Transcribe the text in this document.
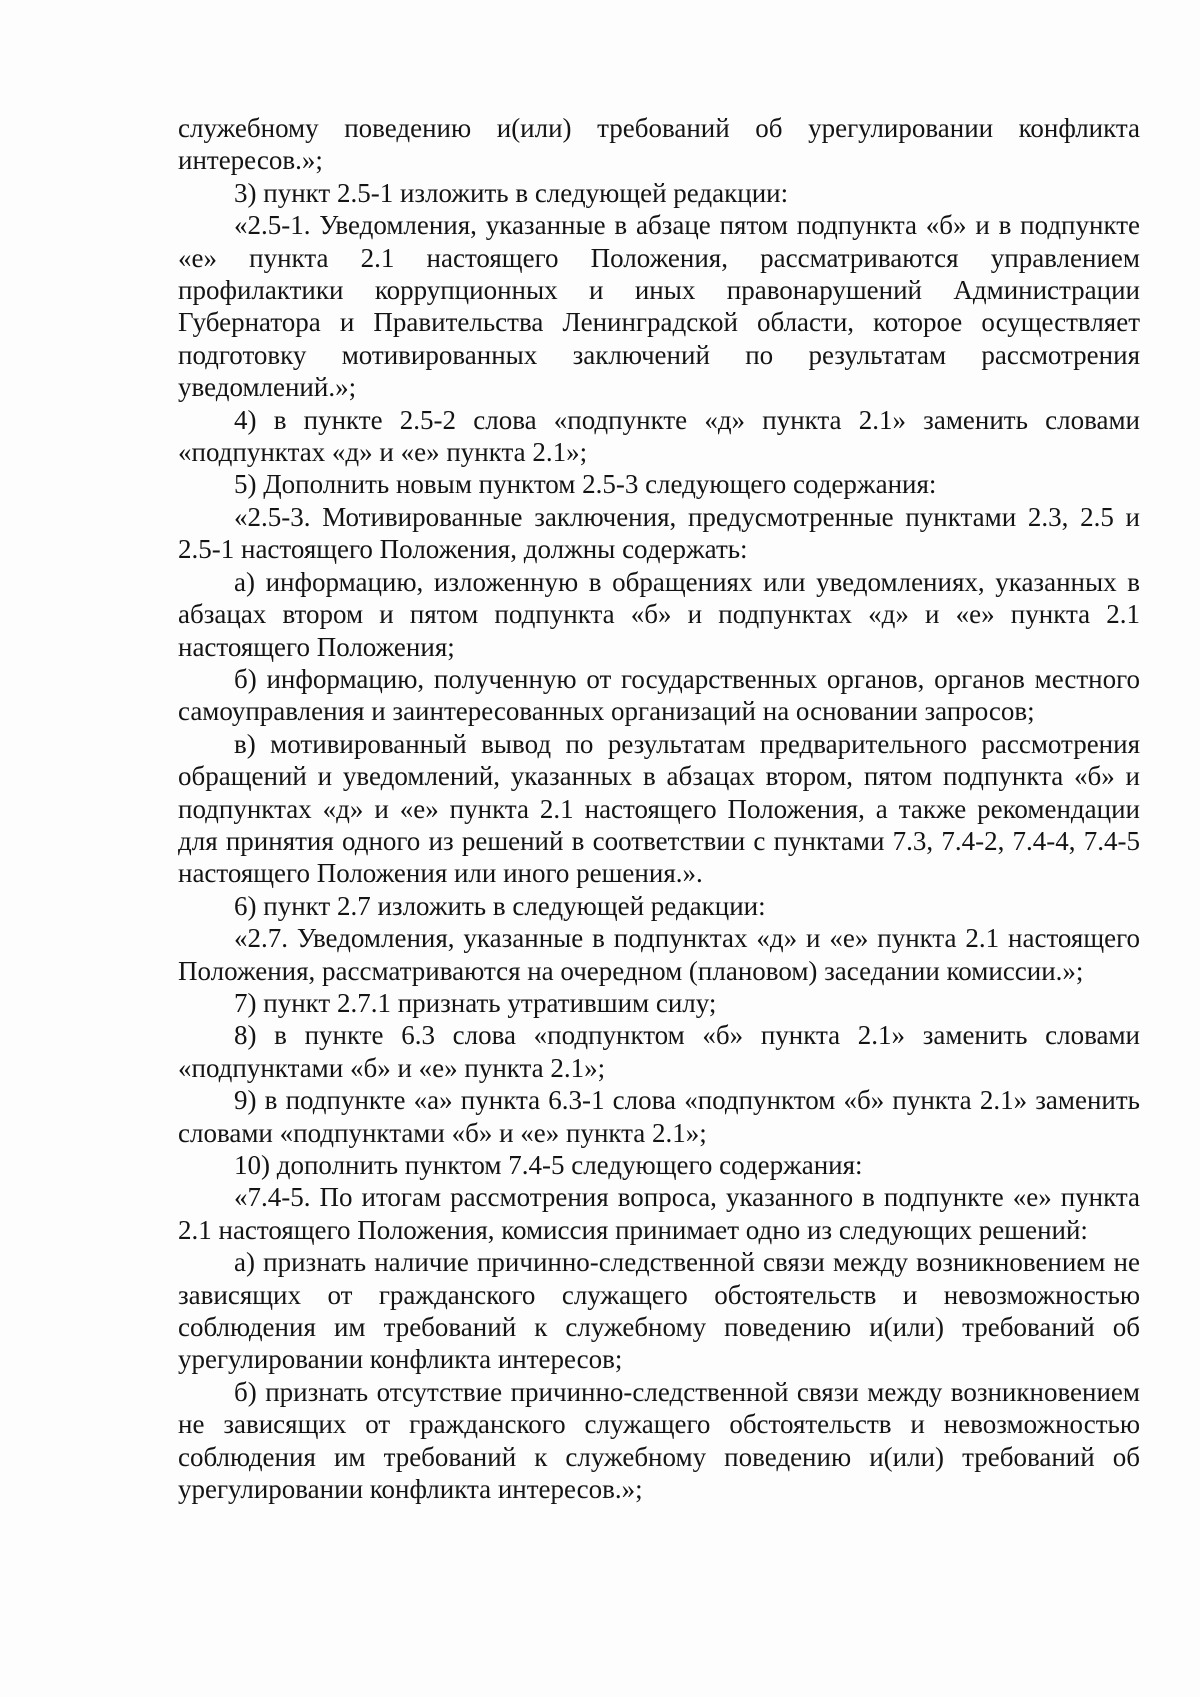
служебному поведению и(или) требований об урегулировании конфликта интересов.»;

3) пункт 2.5-1 изложить в следующей редакции:

«2.5-1. Уведомления, указанные в абзаце пятом подпункта «б» и в подпункте «е» пункта 2.1 настоящего Положения, рассматриваются управлением профилактики коррупционных и иных правонарушений Администрации Губернатора и Правительства Ленинградской области, которое осуществляет подготовку мотивированных заключений по результатам рассмотрения уведомлений.»;

4) в пункте 2.5-2 слова «подпункте «д» пункта 2.1» заменить словами «подпунктах «д» и «е» пункта 2.1»;

5) Дополнить новым пунктом 2.5-3 следующего содержания:

«2.5-3. Мотивированные заключения, предусмотренные пунктами 2.3, 2.5 и 2.5-1 настоящего Положения, должны содержать:

а) информацию, изложенную в обращениях или уведомлениях, указанных в абзацах втором и пятом подпункта «б» и подпунктах «д» и «е» пункта 2.1 настоящего Положения;

б) информацию, полученную от государственных органов, органов местного самоуправления и заинтересованных организаций на основании запросов;

в) мотивированный вывод по результатам предварительного рассмотрения обращений и уведомлений, указанных в абзацах втором, пятом подпункта «б» и подпунктах «д» и «е» пункта 2.1 настоящего Положения, а также рекомендации для принятия одного из решений в соответствии с пунктами 7.3, 7.4-2, 7.4-4, 7.4-5 настоящего Положения или иного решения.».

6) пункт 2.7 изложить в следующей редакции:

«2.7. Уведомления, указанные в подпунктах «д» и «е» пункта 2.1 настоящего Положения, рассматриваются на очередном (плановом) заседании комиссии.»;

7) пункт 2.7.1 признать утратившим силу;

8) в пункте 6.3 слова «подпунктом «б» пункта 2.1» заменить словами «подпунктами «б» и «е» пункта 2.1»;

9) в подпункте «а» пункта 6.3-1 слова «подпунктом «б» пункта 2.1» заменить словами «подпунктами «б» и «е» пункта 2.1»;

10) дополнить пунктом 7.4-5 следующего содержания:

«7.4-5. По итогам рассмотрения вопроса, указанного в подпункте «е» пункта 2.1 настоящего Положения, комиссия принимает одно из следующих решений:

а) признать наличие причинно-следственной связи между возникновением не зависящих от гражданского служащего обстоятельств и невозможностью соблюдения им требований к служебному поведению и(или) требований об урегулировании конфликта интересов;

б) признать отсутствие причинно-следственной связи между возникновением не зависящих от гражданского служащего обстоятельств и невозможностью соблюдения им требований к служебному поведению и(или) требований об урегулировании конфликта интересов.»;
